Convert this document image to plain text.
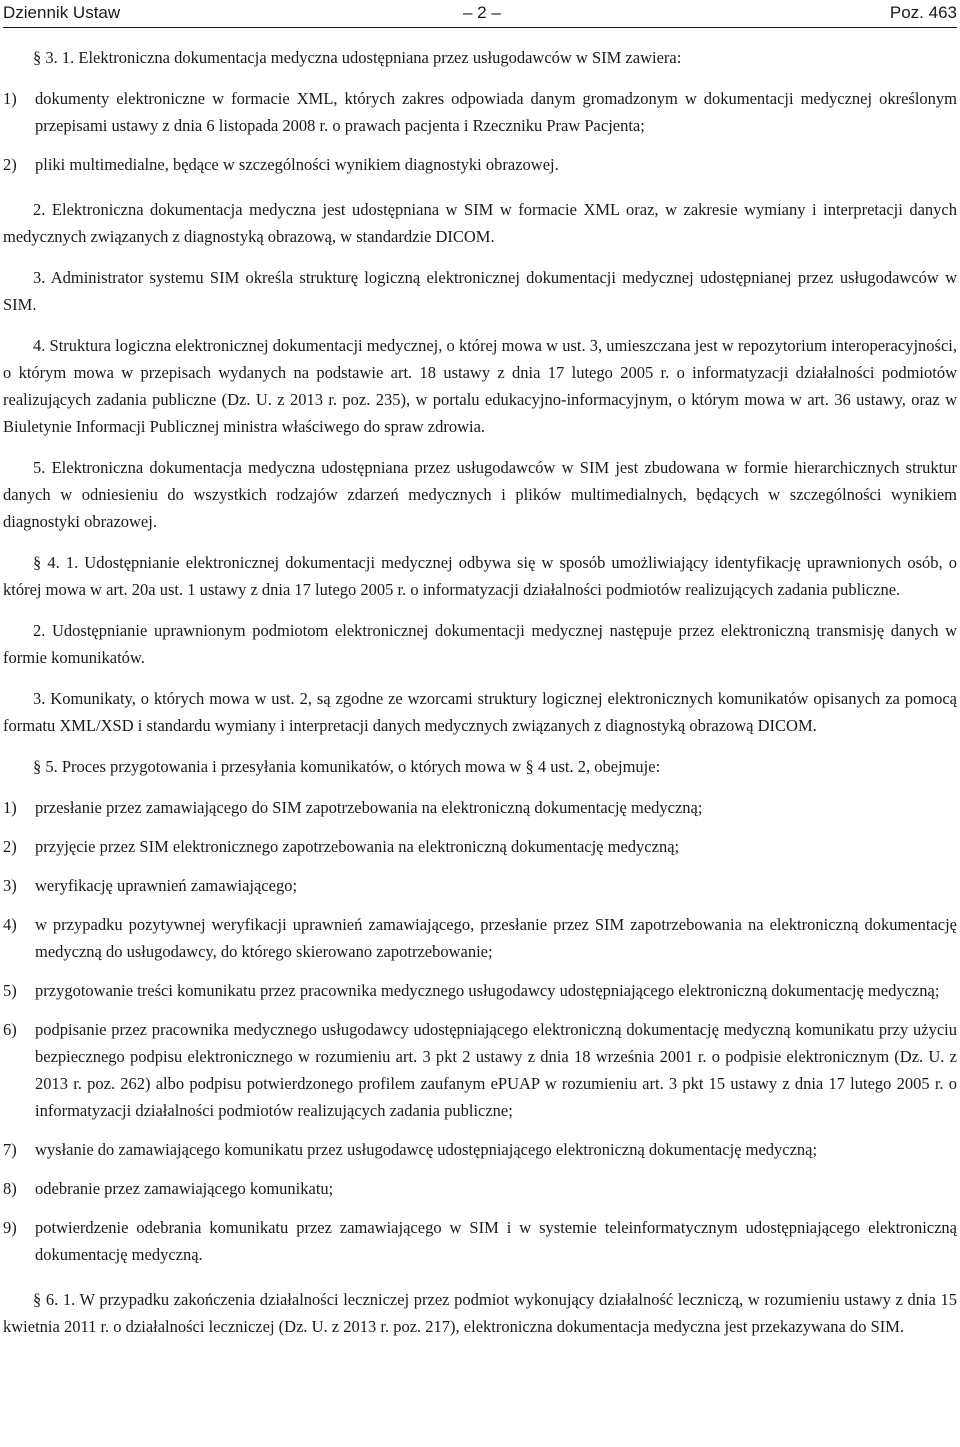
Dziennik Ustaw	– 2 –	Poz. 463

§ 3. 1. Elektroniczna dokumentacja medyczna udostępniana przez usługodawców w SIM zawiera:

1) dokumenty elektroniczne w formacie XML, których zakres odpowiada danym gromadzonym w dokumentacji medycznej określonym przepisami ustawy z dnia 6 listopada 2008 r. o prawach pacjenta i Rzeczniku Praw Pacjenta;
2) pliki multimedialne, będące w szczególności wynikiem diagnostyki obrazowej.

2. Elektroniczna dokumentacja medyczna jest udostępniana w SIM w formacie XML oraz, w zakresie wymiany i interpretacji danych medycznych związanych z diagnostyką obrazową, w standardzie DICOM.

3. Administrator systemu SIM określa strukturę logiczną elektronicznej dokumentacji medycznej udostępnianej przez usługodawców w SIM.

4. Struktura logiczna elektronicznej dokumentacji medycznej, o której mowa w ust. 3, umieszczana jest w repozytorium interoperacyjności, o którym mowa w przepisach wydanych na podstawie art. 18 ustawy z dnia 17 lutego 2005 r. o informatyzacji działalności podmiotów realizujących zadania publiczne (Dz. U. z 2013 r. poz. 235), w portalu edukacyjno-informacyjnym, o którym mowa w art. 36 ustawy, oraz w Biuletynie Informacji Publicznej ministra właściwego do spraw zdrowia.

5. Elektroniczna dokumentacja medyczna udostępniana przez usługodawców w SIM jest zbudowana w formie hierarchicznych struktur danych w odniesieniu do wszystkich rodzajów zdarzeń medycznych i plików multimedialnych, będących w szczególności wynikiem diagnostyki obrazowej.

§ 4. 1. Udostępnianie elektronicznej dokumentacji medycznej odbywa się w sposób umożliwiający identyfikację uprawnionych osób, o której mowa w art. 20a ust. 1 ustawy z dnia 17 lutego 2005 r. o informatyzacji działalności podmiotów realizujących zadania publiczne.

2. Udostępnianie uprawnionym podmiotom elektronicznej dokumentacji medycznej następuje przez elektroniczną transmisję danych w formie komunikatów.

3. Komunikaty, o których mowa w ust. 2, są zgodne ze wzorcami struktury logicznej elektronicznych komunikatów opisanych za pomocą formatu XML/XSD i standardu wymiany i interpretacji danych medycznych związanych z diagnostyką obrazową DICOM.

§ 5. Proces przygotowania i przesyłania komunikatów, o których mowa w § 4 ust. 2, obejmuje:

1) przesłanie przez zamawiającego do SIM zapotrzebowania na elektroniczną dokumentację medyczną;
2) przyjęcie przez SIM elektronicznego zapotrzebowania na elektroniczną dokumentację medyczną;
3) weryfikację uprawnień zamawiającego;
4) w przypadku pozytywnej weryfikacji uprawnień zamawiającego, przesłanie przez SIM zapotrzebowania na elektroniczną dokumentację medyczną do usługodawcy, do którego skierowano zapotrzebowanie;
5) przygotowanie treści komunikatu przez pracownika medycznego usługodawcy udostępniającego elektroniczną dokumentację medyczną;
6) podpisanie przez pracownika medycznego usługodawcy udostępniającego elektroniczną dokumentację medyczną komunikatu przy użyciu bezpiecznego podpisu elektronicznego w rozumieniu art. 3 pkt 2 ustawy z dnia 18 września 2001 r. o podpisie elektronicznym (Dz. U. z 2013 r. poz. 262) albo podpisu potwierdzonego profilem zaufanym ePUAP w rozumieniu art. 3 pkt 15 ustawy z dnia 17 lutego 2005 r. o informatyzacji działalności podmiotów realizujących zadania publiczne;
7) wysłanie do zamawiającego komunikatu przez usługodawcę udostępniającego elektroniczną dokumentację medyczną;
8) odebranie przez zamawiającego komunikatu;
9) potwierdzenie odebrania komunikatu przez zamawiającego w SIM i w systemie teleinformatycznym udostępniającego elektroniczną dokumentację medyczną.

§ 6. 1. W przypadku zakończenia działalności leczniczej przez podmiot wykonujący działalność leczniczą, w rozumieniu ustawy z dnia 15 kwietnia 2011 r. o działalności leczniczej (Dz. U. z 2013 r. poz. 217), elektroniczna dokumentacja medyczna jest przekazywana do SIM.
